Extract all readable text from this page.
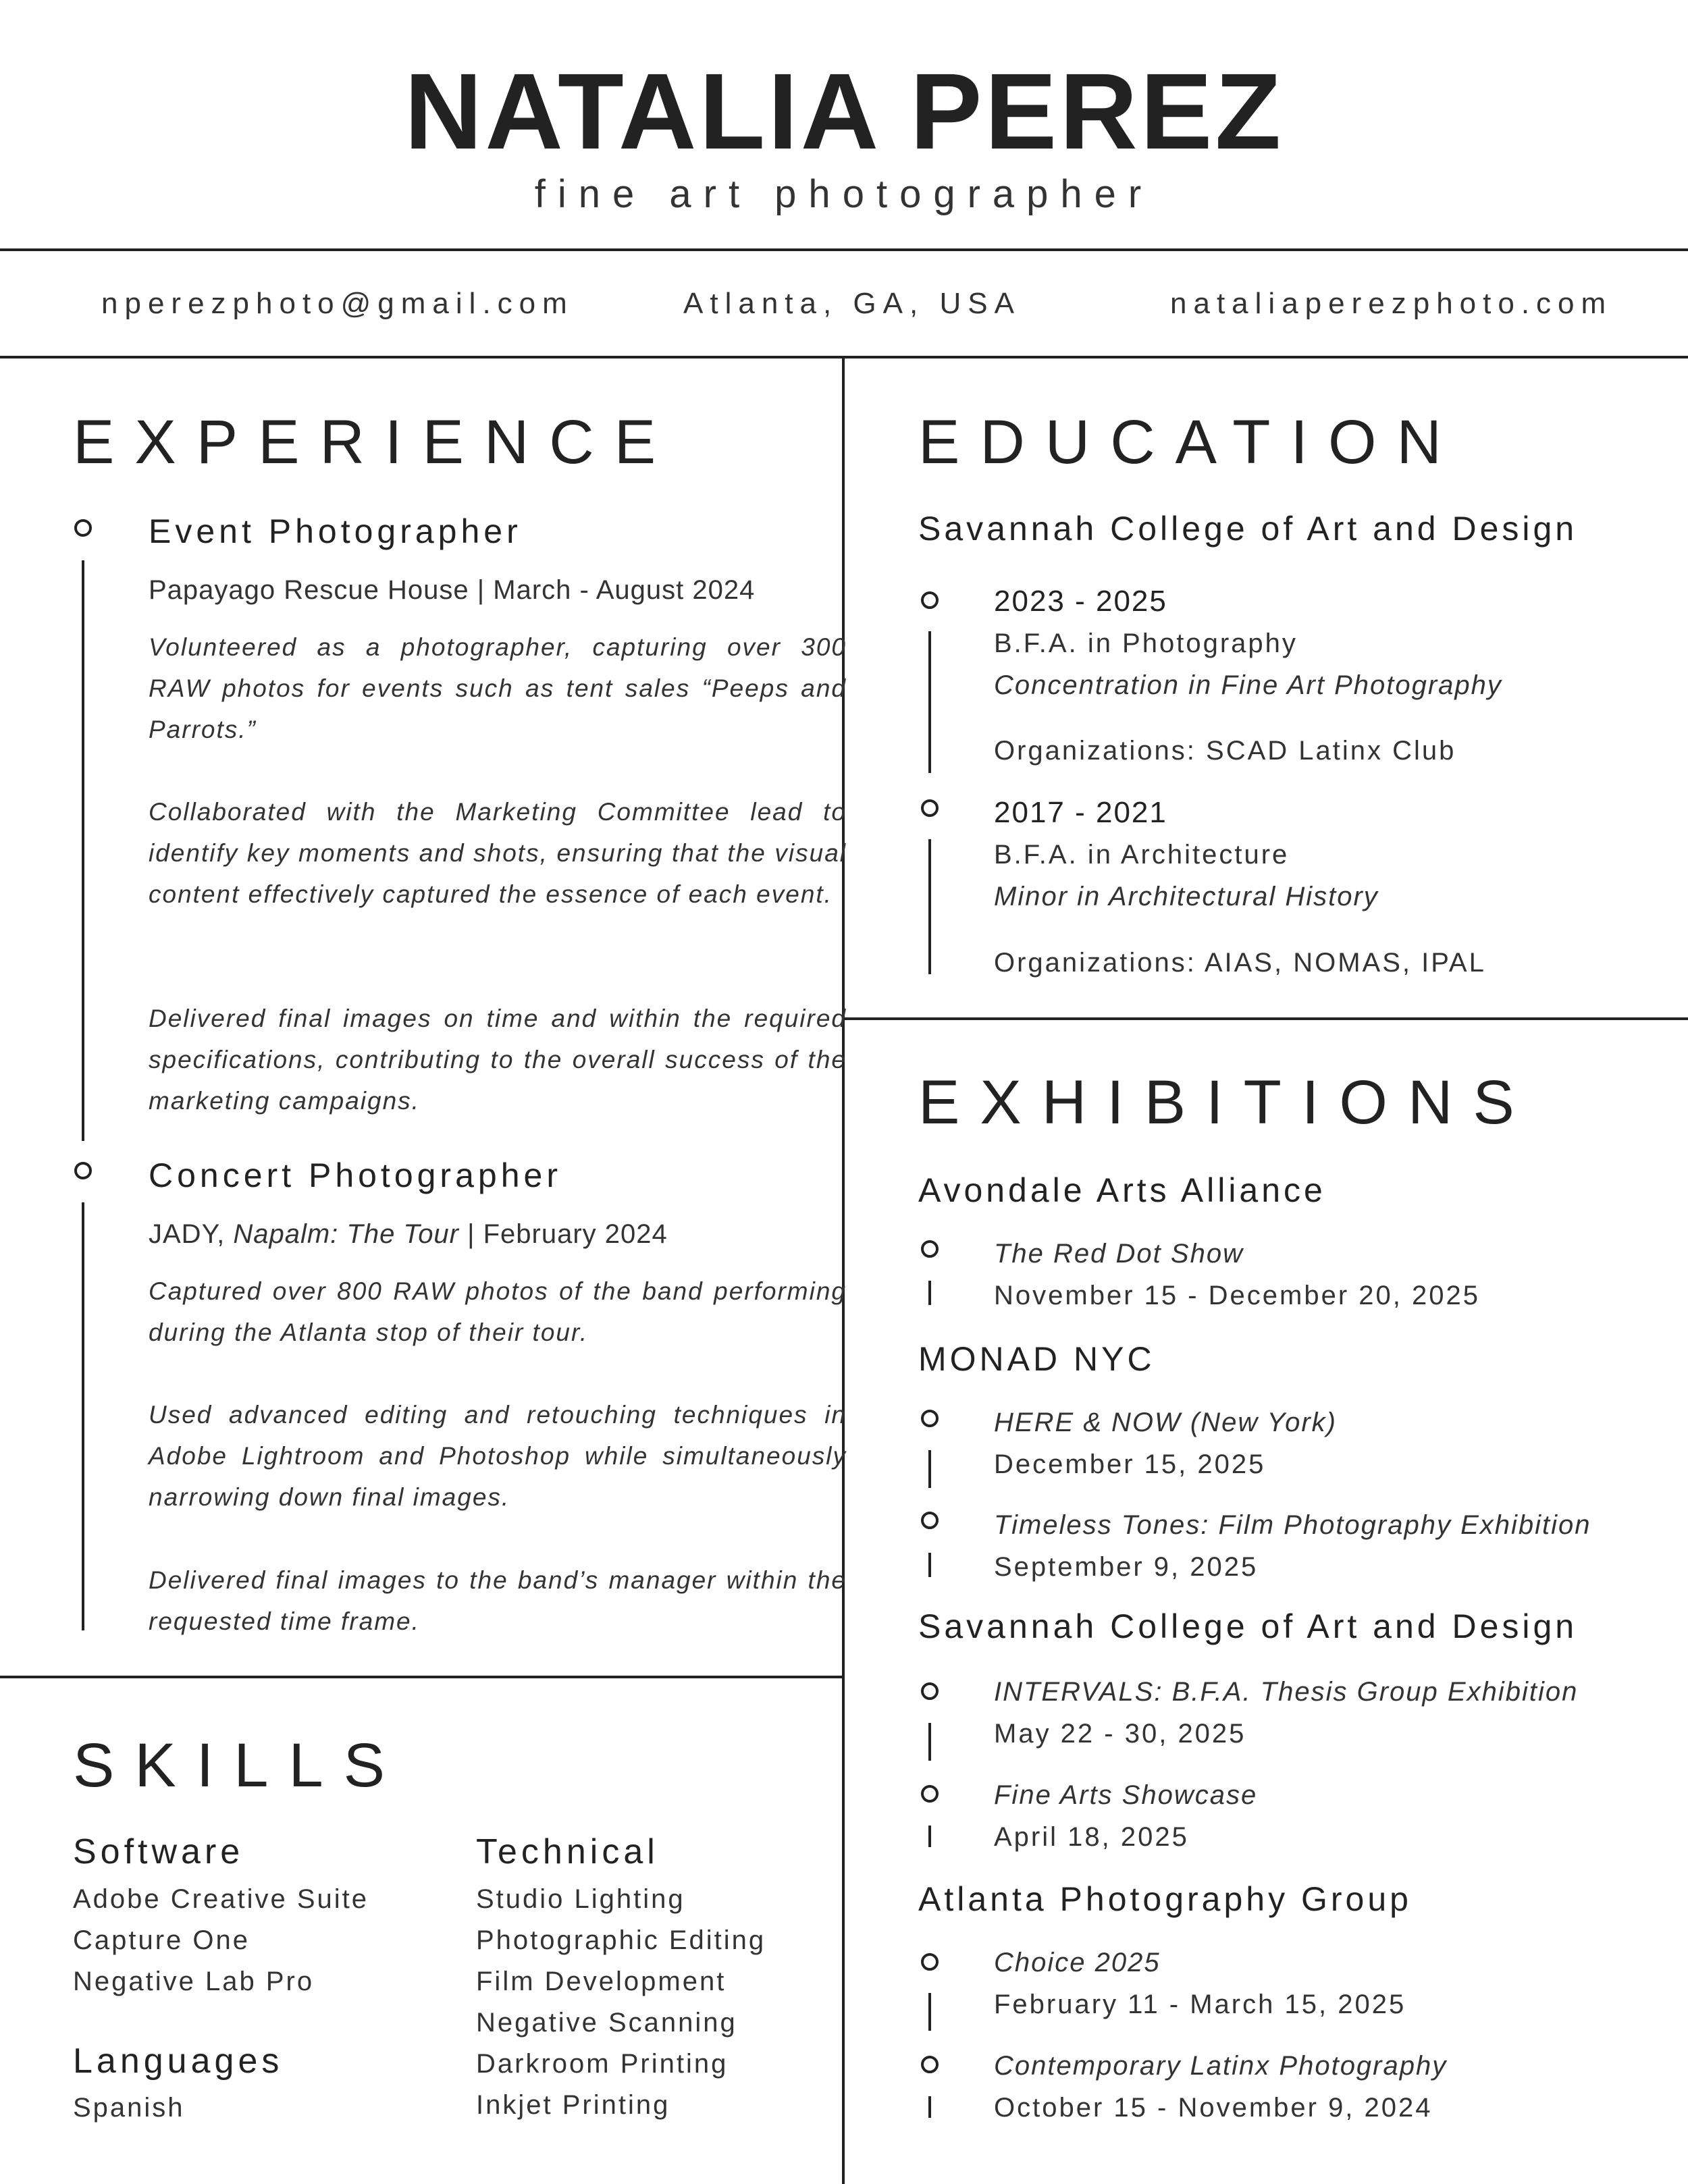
NATALIA PEREZ
fine art photographer
nperezphoto@gmail.com	Atlanta, GA, USA	nataliaperezphoto.com
EXPERIENCE
Event Photographer
Papayago Rescue House | March - August 2024
Volunteered as a photographer, capturing over 300 RAW photos for events such as tent sales “Peeps and Parrots.”
Collaborated with the Marketing Committee lead to identify key moments and shots, ensuring that the visual content effectively captured the essence of each event.
Delivered final images on time and within the required specifications, contributing to the overall success of the marketing campaigns.
Concert Photographer
JADY, Napalm: The Tour | February 2024
Captured over 800 RAW photos of the band performing during the Atlanta stop of their tour.
Used advanced editing and retouching techniques in Adobe Lightroom and Photoshop while simultaneously narrowing down final images.
Delivered final images to the band’s manager within the requested time frame.
EDUCATION
Savannah College of Art and Design
2023 - 2025
B.F.A. in Photography
Concentration in Fine Art Photography
Organizations: SCAD Latinx Club
2017 - 2021
B.F.A. in Architecture
Minor in Architectural History
Organizations: AIAS, NOMAS, IPAL
EXHIBITIONS
Avondale Arts Alliance
The Red Dot Show
November 15 - December 20, 2025
MONAD NYC
HERE & NOW (New York)
December 15, 2025
Timeless Tones: Film Photography Exhibition
September 9, 2025
Savannah College of Art and Design
INTERVALS: B.F.A. Thesis Group Exhibition
May 22 - 30, 2025
Fine Arts Showcase
April 18, 2025
Atlanta Photography Group
Choice 2025
February 11 - March 15, 2025
Contemporary Latinx Photography
October 15 - November 9, 2024
SKILLS
Software
Adobe Creative Suite
Capture One
Negative Lab Pro
Languages
Spanish
Technical
Studio Lighting
Photographic Editing
Film Development
Negative Scanning
Darkroom Printing
Inkjet Printing
